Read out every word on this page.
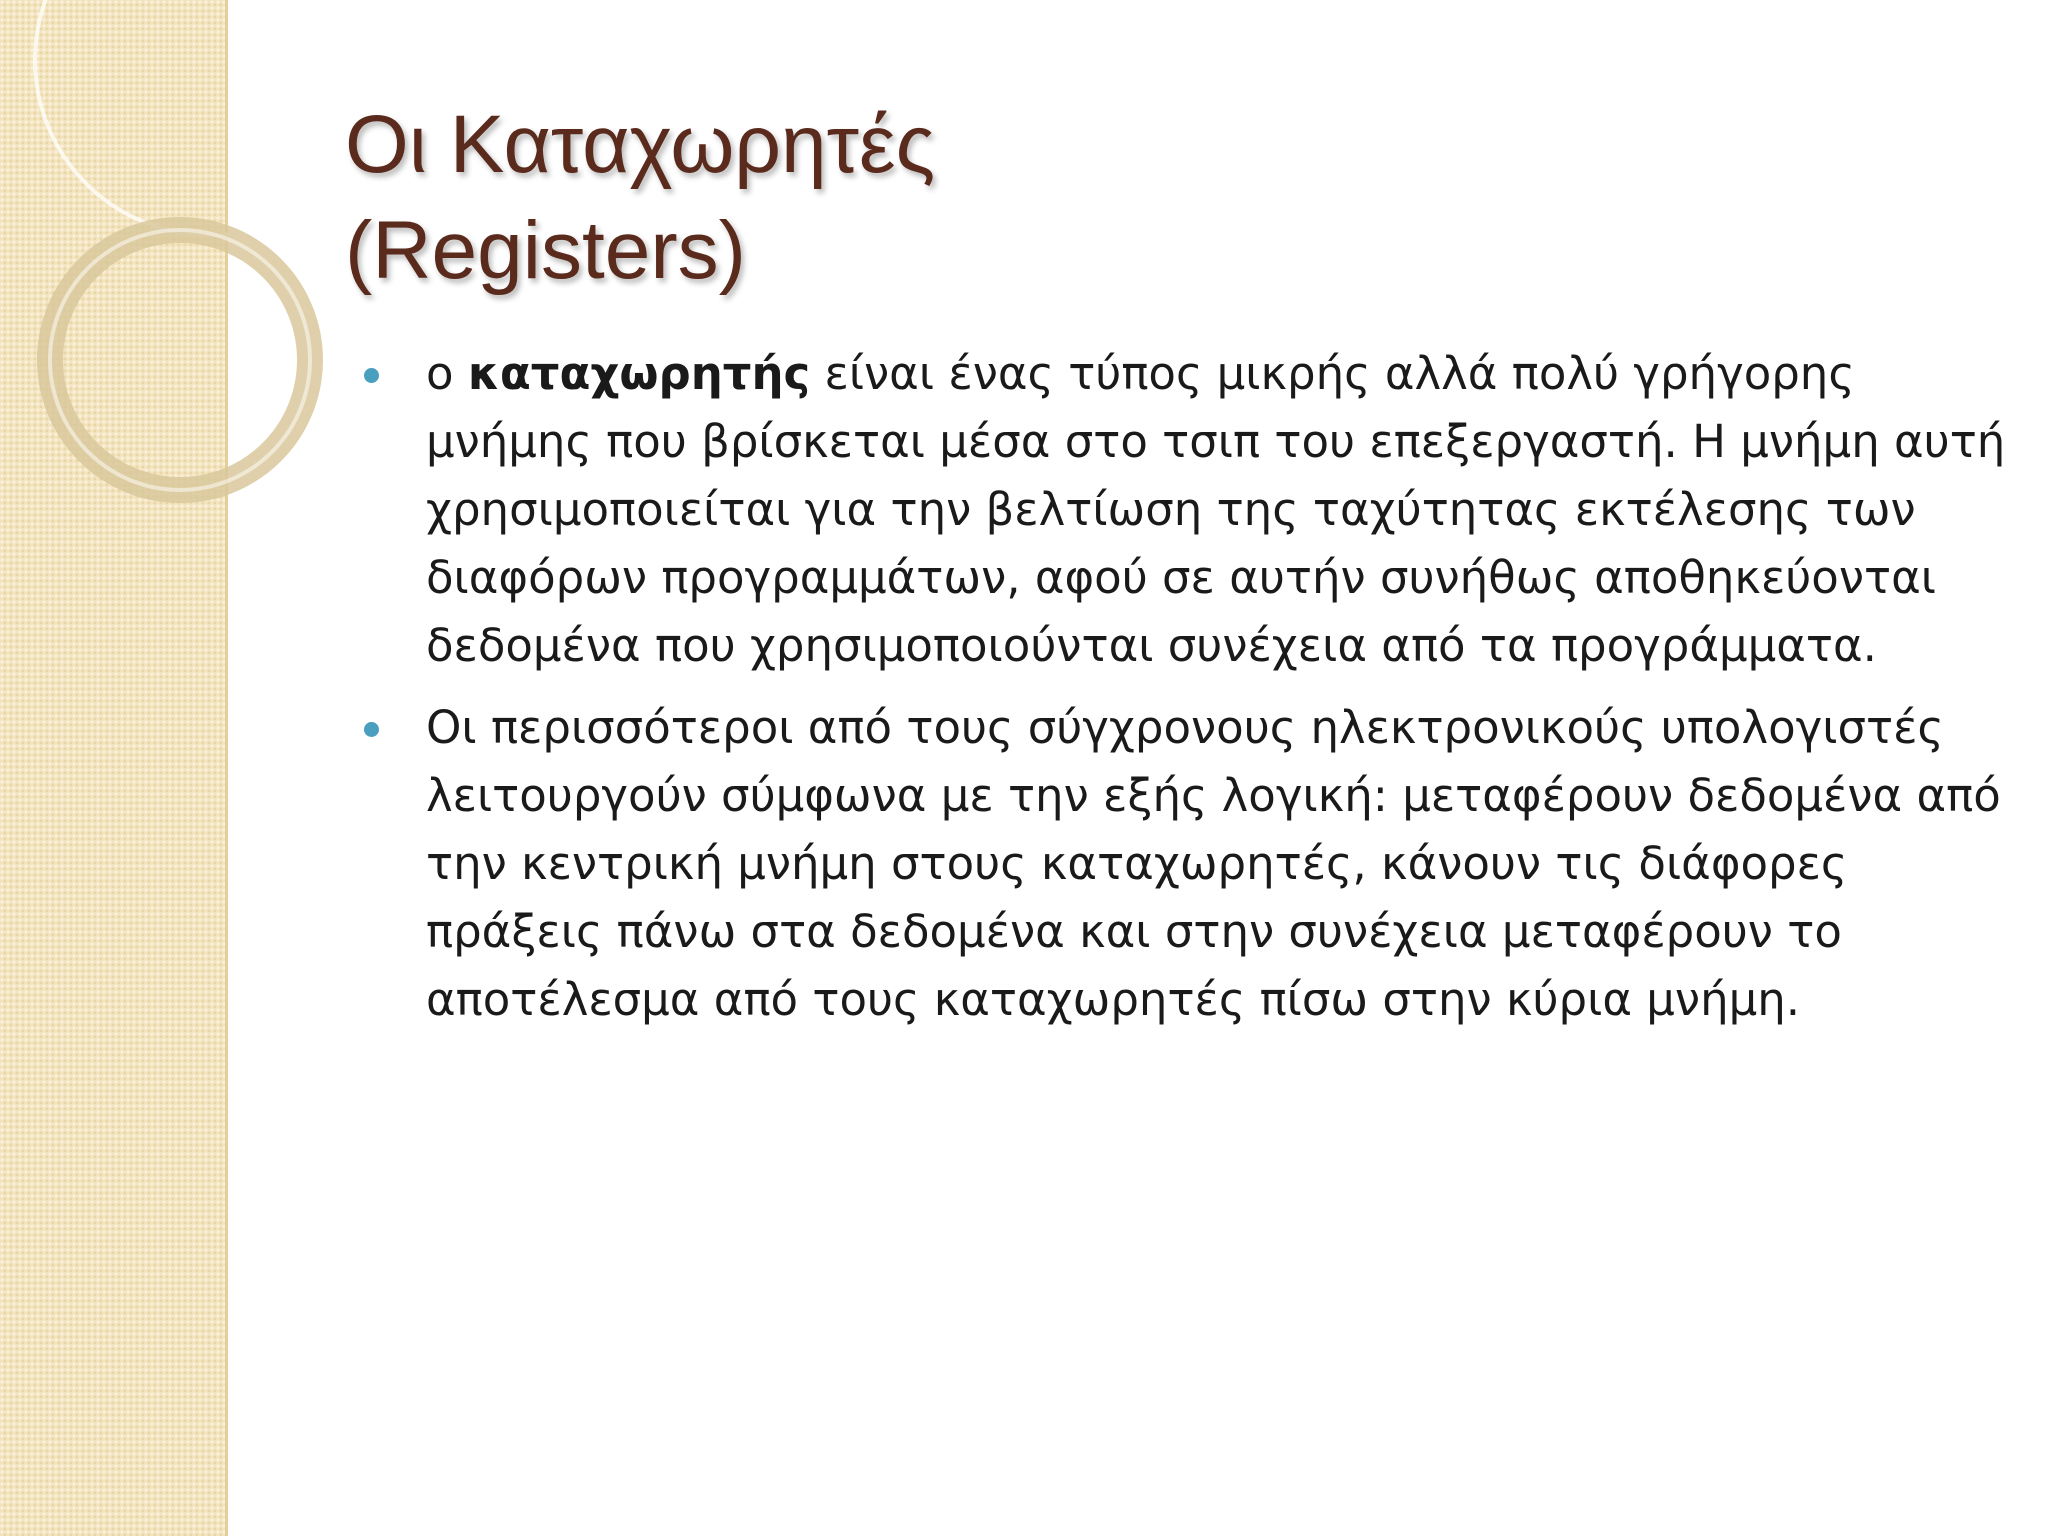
Οι Καταχωρητές
(Registers)
ο καταχωρητής είναι ένας τύπος μικρής αλλά πολύ γρήγορης μνήμης που βρίσκεται μέσα στο τσιπ του επεξεργαστή. Η μνήμη αυτή χρησιμοποιείται για την βελτίωση της ταχύτητας εκτέλεσης των διαφόρων προγραμμάτων, αφού σε αυτήν συνήθως αποθηκεύονται δεδομένα που χρησιμοποιούνται συνέχεια από τα προγράμματα.
Οι περισσότεροι από τους σύγχρονους ηλεκτρονικούς υπολογιστές λειτουργούν σύμφωνα με την εξής λογική: μεταφέρουν δεδομένα από την κεντρική μνήμη στους καταχωρητές, κάνουν τις διάφορες πράξεις πάνω στα δεδομένα και στην συνέχεια μεταφέρουν το αποτέλεσμα από τους καταχωρητές πίσω στην κύρια μνήμη.
